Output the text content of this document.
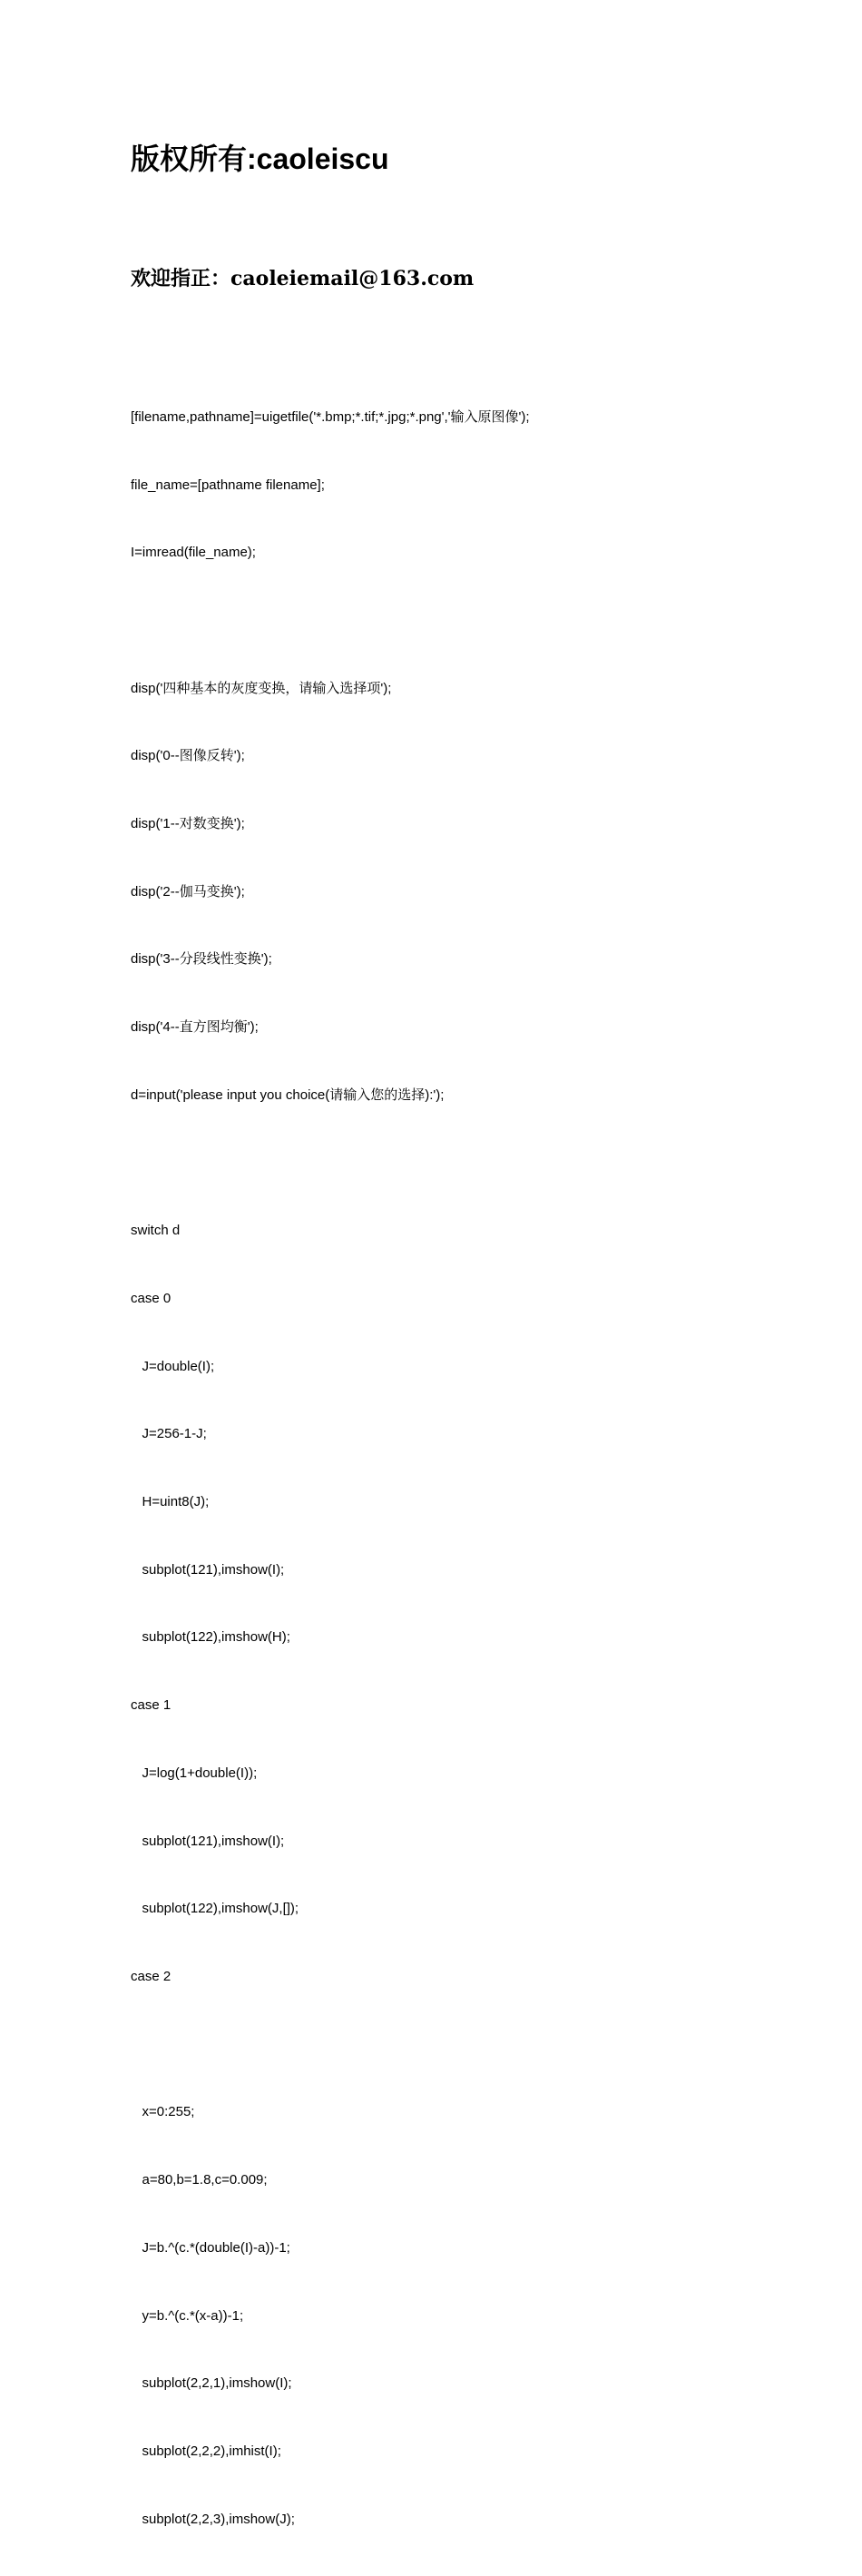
版权所有:caoleiscu
欢迎指正：caoleiemail@163.com

[filename,pathname]=uigetfile('*.bmp;*.tif;*.jpg;*.png','输入原图像');

file_name=[pathname filename];

I=imread(file_name);

disp('四种基本的灰度变换，请输入选择项');

disp('0--图像反转');

disp('1--对数变换');

disp('2--伽马变换');

disp('3--分段线性变换');

disp('4--直方图均衡');

d=input('please input you choice(请输入您的选择):');

switch d

case 0

J=double(I);

J=256-1-J;

H=uint8(J);

subplot(121),imshow(I);

subplot(122),imshow(H);

case 1

J=log(1+double(I));

subplot(121),imshow(I);

subplot(122),imshow(J,[]);

case 2

x=0:255;

a=80,b=1.8,c=0.009;

J=b.^(c.*(double(I)-a))-1;

y=b.^(c.*(x-a))-1;

subplot(2,2,1),imshow(I);

subplot(2,2,2),imhist(I);

subplot(2,2,3),imshow(J);
